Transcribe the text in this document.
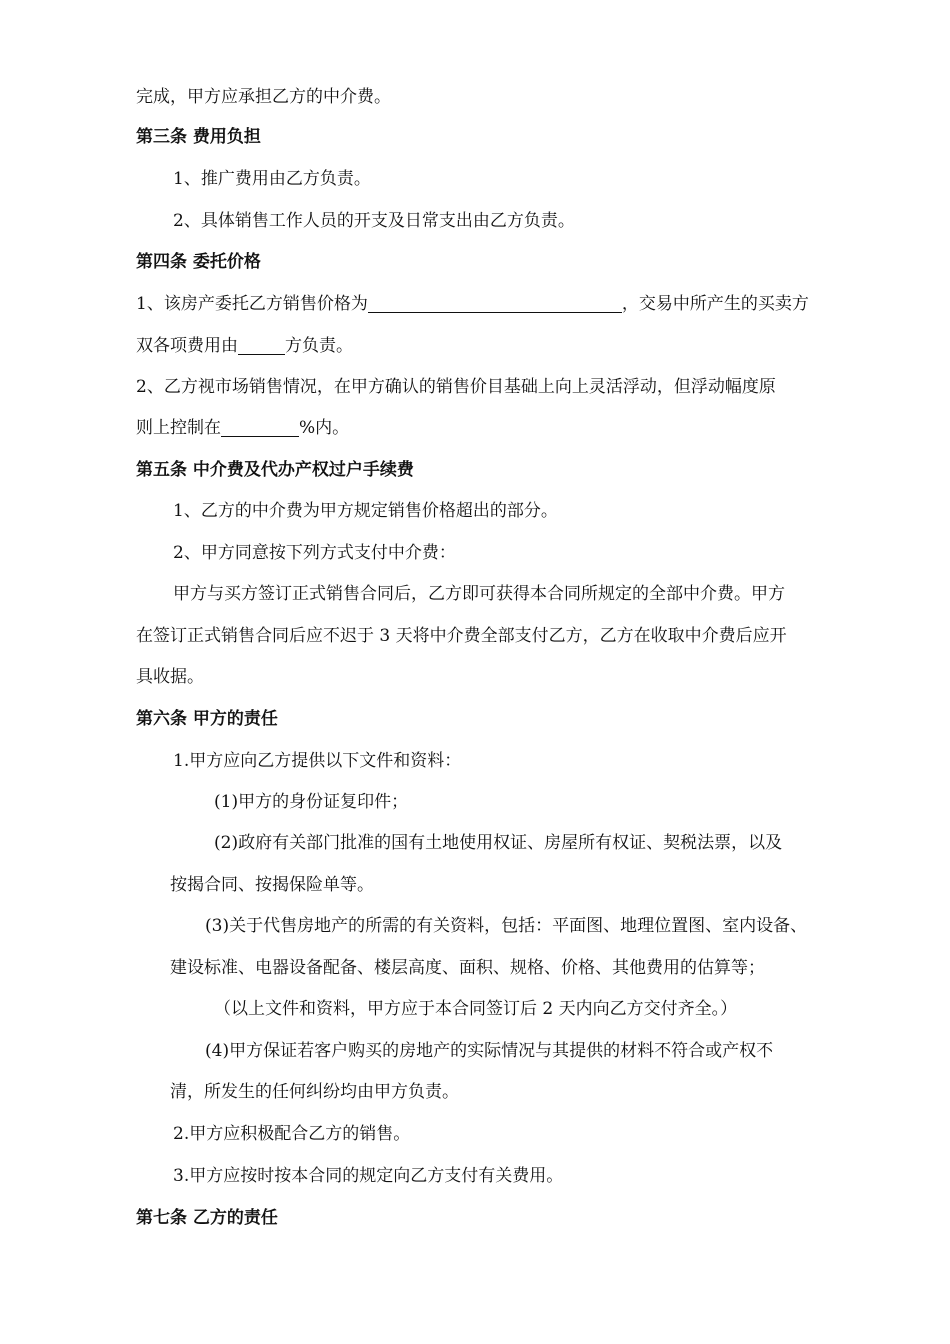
完成，甲方应承担乙方的中介费。
第三条 费用负担
1、推广费用由乙方负责。
2、具体销售工作人员的开支及日常支出由乙方负责。
第四条 委托价格
1、该房产委托乙方销售价格为	，交易中所产生的买卖方
双各项费用由	方负责。
2、乙方视市场销售情况，在甲方确认的销售价目基础上向上灵活浮动，但浮动幅度原
则上控制在	%内。
第五条 中介费及代办产权过户手续费
1、乙方的中介费为甲方规定销售价格超出的部分。
2、甲方同意按下列方式支付中介费：
甲方与买方签订正式销售合同后，乙方即可获得本合同所规定的全部中介费。甲方
在签订正式销售合同后应不迟于 3 天将中介费全部支付乙方，乙方在收取中介费后应开
具收据。
第六条 甲方的责任
1.甲方应向乙方提供以下文件和资料：
(1)甲方的身份证复印件；
(2)政府有关部门批准的国有土地使用权证、房屋所有权证、契税法票，以及
按揭合同、按揭保险单等。
(3)关于代售房地产的所需的有关资料，包括：平面图、地理位置图、室内设备、
建设标准、电器设备配备、楼层高度、面积、规格、价格、其他费用的估算等；
（以上文件和资料，甲方应于本合同签订后 2 天内向乙方交付齐全。）
(4)甲方保证若客户购买的房地产的实际情况与其提供的材料不符合或产权不
清，所发生的任何纠纷均由甲方负责。
2.甲方应积极配合乙方的销售。
3.甲方应按时按本合同的规定向乙方支付有关费用。
第七条 乙方的责任
